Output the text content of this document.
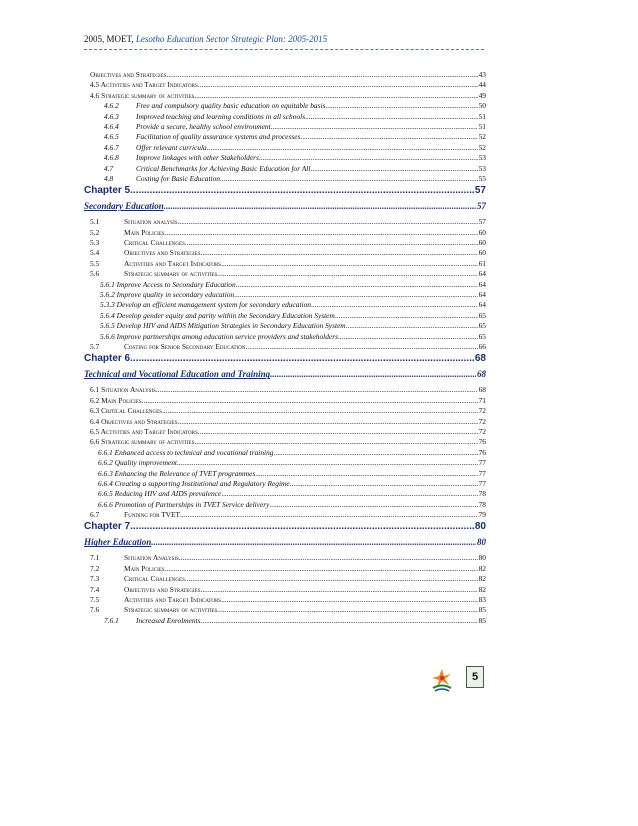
2005, MOET, Lesotho Education Sector Strategic Plan: 2005-2015
Objectives and Strategies .....	43
4.5 Activities and Target Indicators .....	44
4.6 Strategic summary of activities .....	49
4.6.2	Free and compulsory quality basic education on equitable basis .....	50
4.6.3	Improved teaching and learning conditions in all schools .....	51
4.6.4	Provide a secure, healthy school environment .....	51
4.6.5	Facilitation of quality assurance systems and processes .....	52
4.6.7	Offer relevant curricula .....	52
4.6.8	Improve linkages with other Stakeholders .....	53
4.7	Critical Benchmarks for Achieving Basic Education for All .....	53
4.8	Costing for Basic Education .....	55
Chapter 5 .....	57
Secondary Education .....	57
5.1	Situation analysis .....	57
5.2	Main Policies .....	60
5.3	Critical Challenges .....	60
5.4	Objectives and Strategies .....	60
5.5	Activities and Target Indicators .....	61
5.6	Strategic summary of activities .....	64
5.6.1 Improve Access to Secondary Education .....	64
5.6.2 Improve quality in secondary education .....	64
5.3.3 Develop an efficient management system for secondary education .....	64
5.6.4 Develop gender equity and parity within the Secondary Education System .....	65
5.6.5 Develop HIV and AIDS Mitigation Strategies in Secondary Education System .....	65
5.6.6 Improve partnerships among education service providers and stakeholders .....	65
5.7	Costing for Senior Secondary Education .....	66
Chapter 6 .....	68
Technical and Vocational Education and Training .....	68
6.1 Situation Analysis .....	68
6.2 Main Policies .....	71
6.3 Critical Challenges .....	72
6.4 Objectives and Strategies .....	72
6.5 Activities and Target Indicators .....	72
6.6 Strategic summary of activities .....	76
6.6.1 Enhanced access to technical and vocational training .....	76
6.6.2 Quality improvement .....	77
6.6.3 Enhancing the Relevance of TVET programmes .....	77
6.6.4 Creating a supporting Institutional and Regulatory Regime .....	77
6.6.5 Reducing HIV and AIDS prevalence .....	78
6.6.6 Promotion of Partnerships in TVET Service delivery .....	78
6.7	Funding for TVET .....	79
Chapter 7 .....	80
Higher Education .....	80
7.1	Situation Analysis .....	80
7.2	Main Policies .....	82
7.3	Critical Challenges .....	82
7.4	Objectives and Strategies .....	82
7.5	Activities and Target Indicators .....	83
7.6	Strategic summary of activities .....	85
7.6.1	Increased Enrolments .....	85
5
